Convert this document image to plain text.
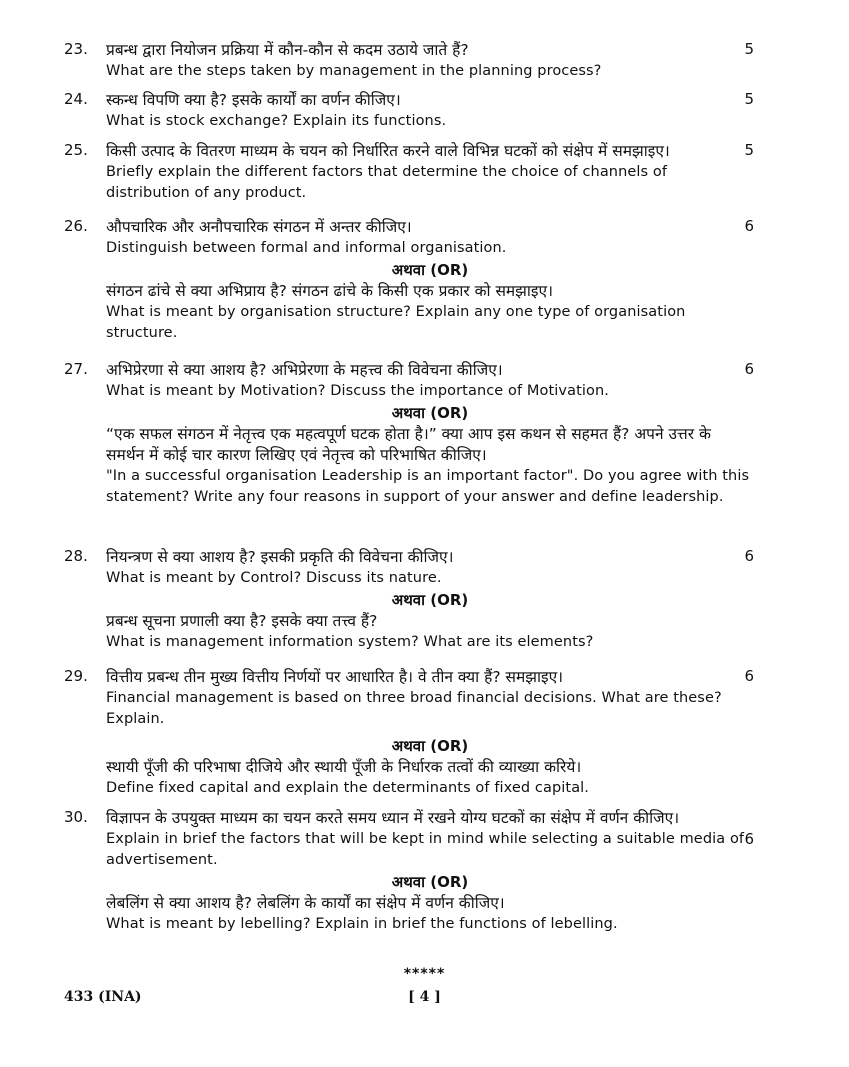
23. प्रबन्ध द्वारा नियोजन प्रक्रिया में कौन-कौन से कदम उठाये जाते हैं?	5
What are the steps taken by management in the planning process?
24. स्कन्ध विपणि क्या है? इसके कार्यों का वर्णन कीजिए।	5
What is stock exchange? Explain its functions.
25. किसी उत्पाद के वितरण माध्यम के चयन को निर्धारित करने वाले विभिन्न घटकों को संक्षेप में समझाइए।	5
Briefly explain the different factors that determine the choice of channels of distribution of any product.
26. औपचारिक और अनौपचारिक संगठन में अन्तर कीजिए।	6
Distinguish between formal and informal organisation.
अथवा (OR)
संगठन ढांचे से क्या अभिप्राय है? संगठन ढांचे के किसी एक प्रकार को समझाइए।
What is meant by organisation structure? Explain any one type of organisation structure.
27. अभिप्रेरणा से क्या आशय है? अभिप्रेरणा के महत्त्व की विवेचना कीजिए।	6
What is meant by Motivation? Discuss the importance of Motivation.
अथवा (OR)
“एक सफल संगठन में नेतृत्त्व एक महत्वपूर्ण घटक होता है।” क्या आप इस कथन से सहमत हैं? अपने उत्तर के समर्थन में कोई चार कारण लिखिए एवं नेतृत्त्व को परिभाषित कीजिए।
"In a successful organisation Leadership is an important factor". Do you agree with this statement? Write any four reasons in support of your answer and define leadership.
28. नियन्त्रण से क्या आशय है? इसकी प्रकृति की विवेचना कीजिए।	6
What is meant by Control? Discuss its nature.
अथवा (OR)
प्रबन्ध सूचना प्रणाली क्या है? इसके क्या तत्त्व हैं?
What is management information system? What are its elements?
29. वित्तीय प्रबन्ध तीन मुख्य वित्तीय निर्णयों पर आधारित है। वे तीन क्या हैं? समझाइए।	6
Financial management is based on three broad financial decisions. What are these? Explain.
अथवा (OR)
स्थायी पूँजी की परिभाषा दीजिये और स्थायी पूँजी के निर्धारक तत्वों की व्याख्या करिये।
Define fixed capital and explain the determinants of fixed capital.
30. विज्ञापन के उपयुक्त माध्यम का चयन करते समय ध्यान में रखने योग्य घटकों का संक्षेप में वर्णन कीजिए।
6
Explain in brief the factors that will be kept in mind while selecting a suitable media of advertisement.
अथवा (OR)
लेबलिंग से क्या आशय है? लेबलिंग के कार्यों का संक्षेप में वर्णन कीजिए।
What is meant by lebelling? Explain in brief the functions of lebelling.
*****
433 (INA)	[ 4 ]
